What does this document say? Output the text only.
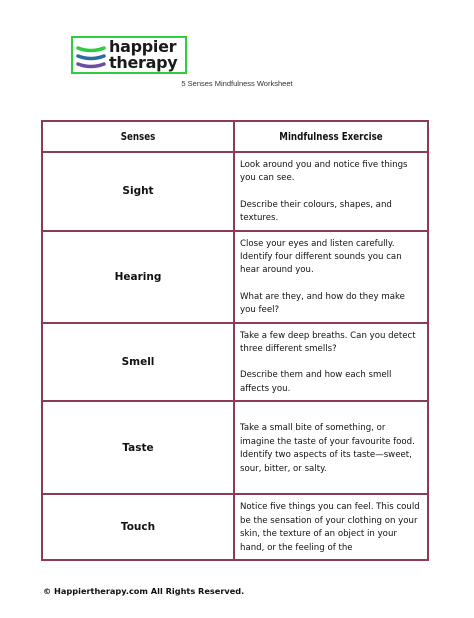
happier
therapy
5 Senses Mindfulness Worksheet
Senses	Mindfulness Exercise
Sight	Look around you and notice five things you can see.

Describe their colours, shapes, and textures.

Hearing	Close your eyes and listen carefully. Identify four different sounds you can hear around you.

What are they, and how do they make you feel?

Smell	Take a few deep breaths. Can you detect three different smells?

Describe them and how each smell affects you.

Taste	Take a small bite of something, or imagine the taste of your favourite food. Identify two aspects of its taste—sweet, sour, bitter, or salty.

Touch	Notice five things you can feel. This could be the sensation of your clothing on your skin, the texture of an object in your hand, or the feeling of the

© Happiertherapy.com All Rights Reserved.
